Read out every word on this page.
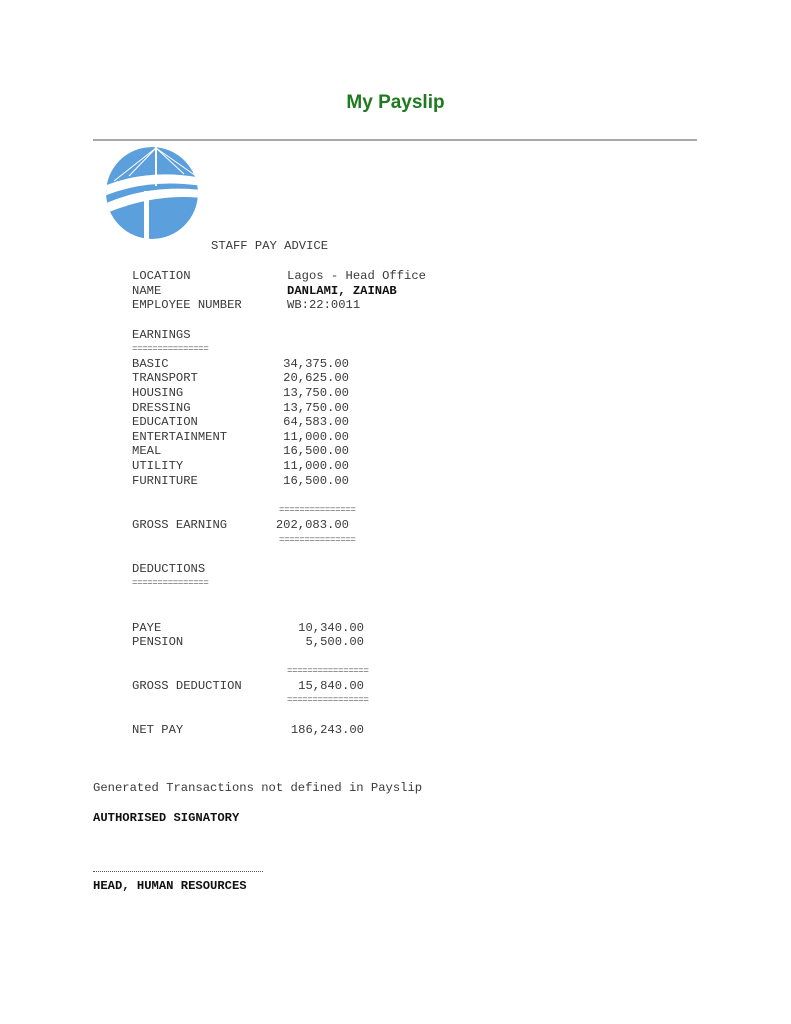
My Payslip
STAFF PAY ADVICE
LOCATION	Lagos - Head Office
NAME	DANLAMI, ZAINAB
EMPLOYEE NUMBER	WB:22:0011
EARNINGS
===============
BASIC	34,375.00
TRANSPORT	20,625.00
HOUSING	13,750.00
DRESSING	13,750.00
EDUCATION	64,583.00
ENTERTAINMENT	11,000.00
MEAL	16,500.00
UTILITY	11,000.00
FURNITURE	16,500.00
===============
GROSS EARNING	202,083.00
===============
DEDUCTIONS
===============
PAYE	10,340.00
PENSION	5,500.00
================
GROSS DEDUCTION	15,840.00
================
NET PAY	186,243.00
Generated Transactions not defined in Payslip
AUTHORISED SIGNATORY
HEAD, HUMAN RESOURCES
